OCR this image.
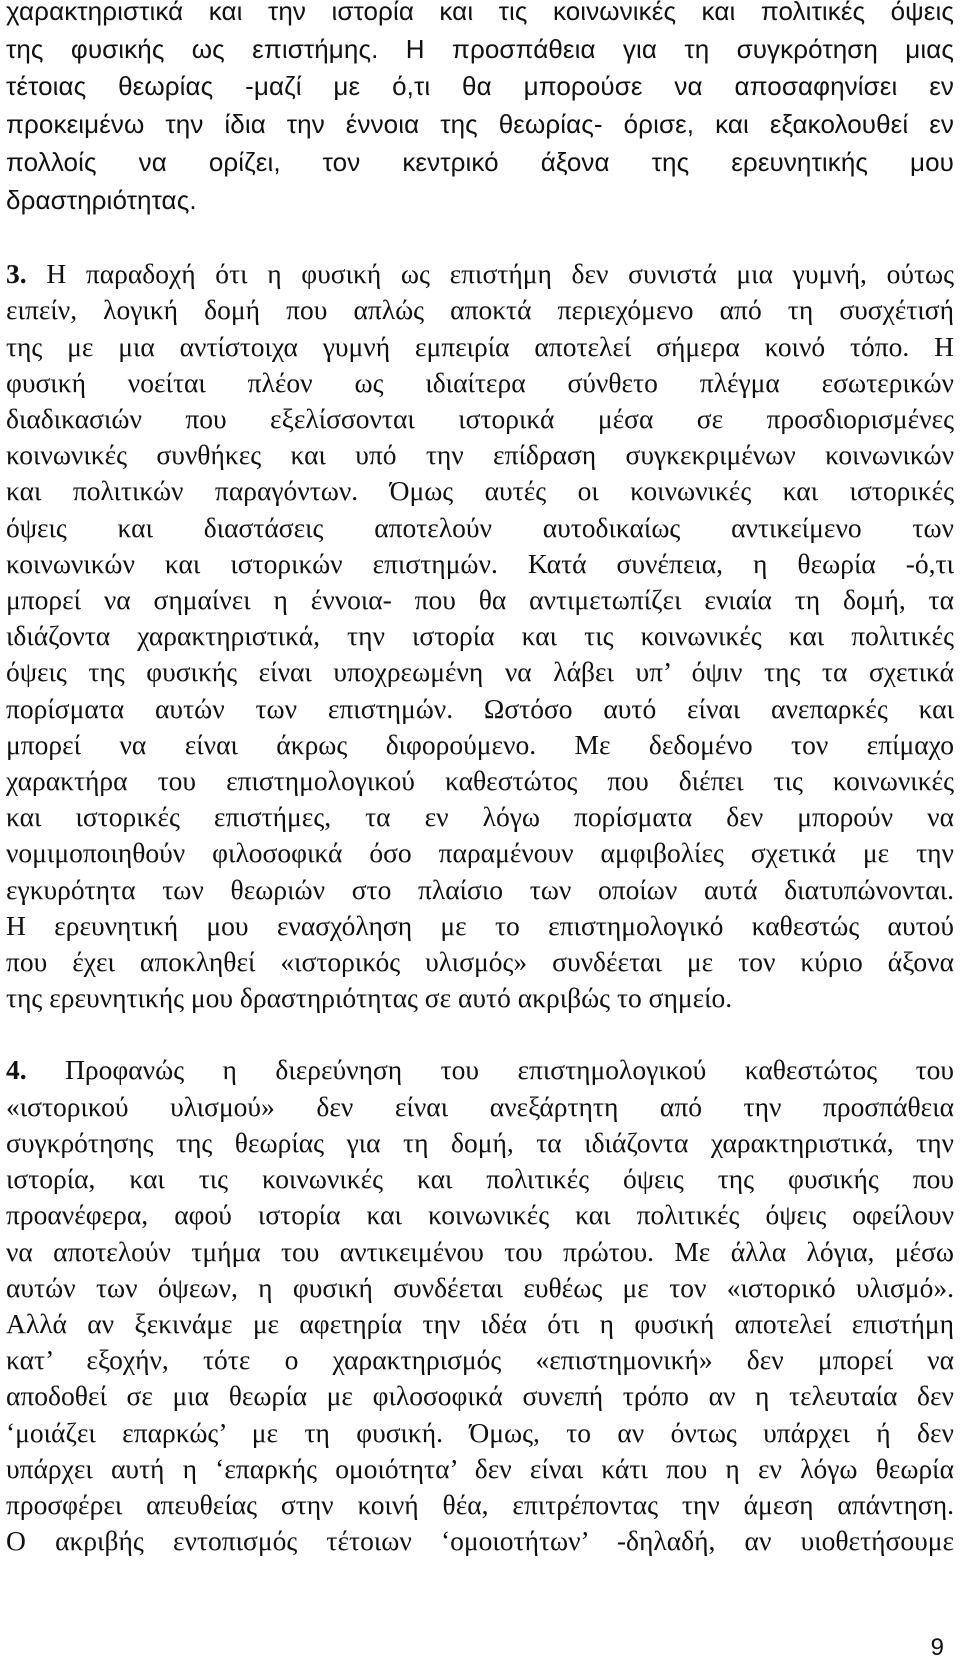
χαρακτηριστικά και την ιστορία και τις κοινωνικές και πολιτικές όψεις
της φυσικής ως επιστήμης. Η προσπάθεια για τη συγκρότηση μιας
τέτοιας θεωρίας -μαζί με ό,τι θα μπορούσε να αποσαφηνίσει εν
προκειμένω την ίδια την έννοια της θεωρίας- όρισε, και εξακολουθεί εν
πολλοίς να ορίζει, τον κεντρικό άξονα της ερευνητικής μου
δραστηριότητας.
3. Η παραδοχή ότι η φυσική ως επιστήμη δεν συνιστά μια γυμνή, ούτως
ειπείν, λογική δομή που απλώς αποκτά περιεχόμενο από τη συσχέτισή
της με μια αντίστοιχα γυμνή εμπειρία αποτελεί σήμερα κοινό τόπο. Η
φυσική νοείται πλέον ως ιδιαίτερα σύνθετο πλέγμα εσωτερικών
διαδικασιών που εξελίσσονται ιστορικά μέσα σε προσδιορισμένες
κοινωνικές συνθήκες και υπό την επίδραση συγκεκριμένων κοινωνικών
και πολιτικών παραγόντων. Όμως αυτές οι κοινωνικές και ιστορικές
όψεις και διαστάσεις αποτελούν αυτοδικαίως αντικείμενο των
κοινωνικών και ιστορικών επιστημών. Κατά συνέπεια, η θεωρία -ό,τι
μπορεί να σημαίνει η έννοια- που θα αντιμετωπίζει ενιαία τη δομή, τα
ιδιάζοντα χαρακτηριστικά, την ιστορία και τις κοινωνικές και πολιτικές
όψεις της φυσικής είναι υποχρεωμένη να λάβει υπ’ όψιν της τα σχετικά
πορίσματα αυτών των επιστημών. Ωστόσο αυτό είναι ανεπαρκές και
μπορεί να είναι άκρως διφορούμενο. Με δεδομένο τον επίμαχο
χαρακτήρα του επιστημολογικού καθεστώτος που διέπει τις κοινωνικές
και ιστορικές επιστήμες, τα εν λόγω πορίσματα δεν μπορούν να
νομιμοποιηθούν φιλοσοφικά όσο παραμένουν αμφιβολίες σχετικά με την
εγκυρότητα των θεωριών στο πλαίσιο των οποίων αυτά διατυπώνονται.
Η ερευνητική μου ενασχόληση με το επιστημολογικό καθεστώς αυτού
που έχει αποκληθεί «ιστορικός υλισμός» συνδέεται με τον κύριο άξονα
της ερευνητικής μου δραστηριότητας σε αυτό ακριβώς το σημείο.
4. Προφανώς η διερεύνηση του επιστημολογικού καθεστώτος του
«ιστορικού υλισμού» δεν είναι ανεξάρτητη από την προσπάθεια
συγκρότησης της θεωρίας για τη δομή, τα ιδιάζοντα χαρακτηριστικά, την
ιστορία, και τις κοινωνικές και πολιτικές όψεις της φυσικής που
προανέφερα, αφού ιστορία και κοινωνικές και πολιτικές όψεις οφείλουν
να αποτελούν τμήμα του αντικειμένου του πρώτου. Με άλλα λόγια, μέσω
αυτών των όψεων, η φυσική συνδέεται ευθέως με τον «ιστορικό υλισμό».
Αλλά αν ξεκινάμε με αφετηρία την ιδέα ότι η φυσική αποτελεί επιστήμη
κατ’ εξοχήν, τότε ο χαρακτηρισμός «επιστημονική» δεν μπορεί να
αποδοθεί σε μια θεωρία με φιλοσοφικά συνεπή τρόπο αν η τελευταία δεν
‘μοιάζει επαρκώς’ με τη φυσική. Όμως, το αν όντως υπάρχει ή δεν
υπάρχει αυτή η ‘επαρκής ομοιότητα’ δεν είναι κάτι που η εν λόγω θεωρία
προσφέρει απευθείας στην κοινή θέα, επιτρέποντας την άμεση απάντηση.
Ο ακριβής εντοπισμός τέτοιων ‘ομοιοτήτων’ -δηλαδή, αν υιοθετήσουμε
9
